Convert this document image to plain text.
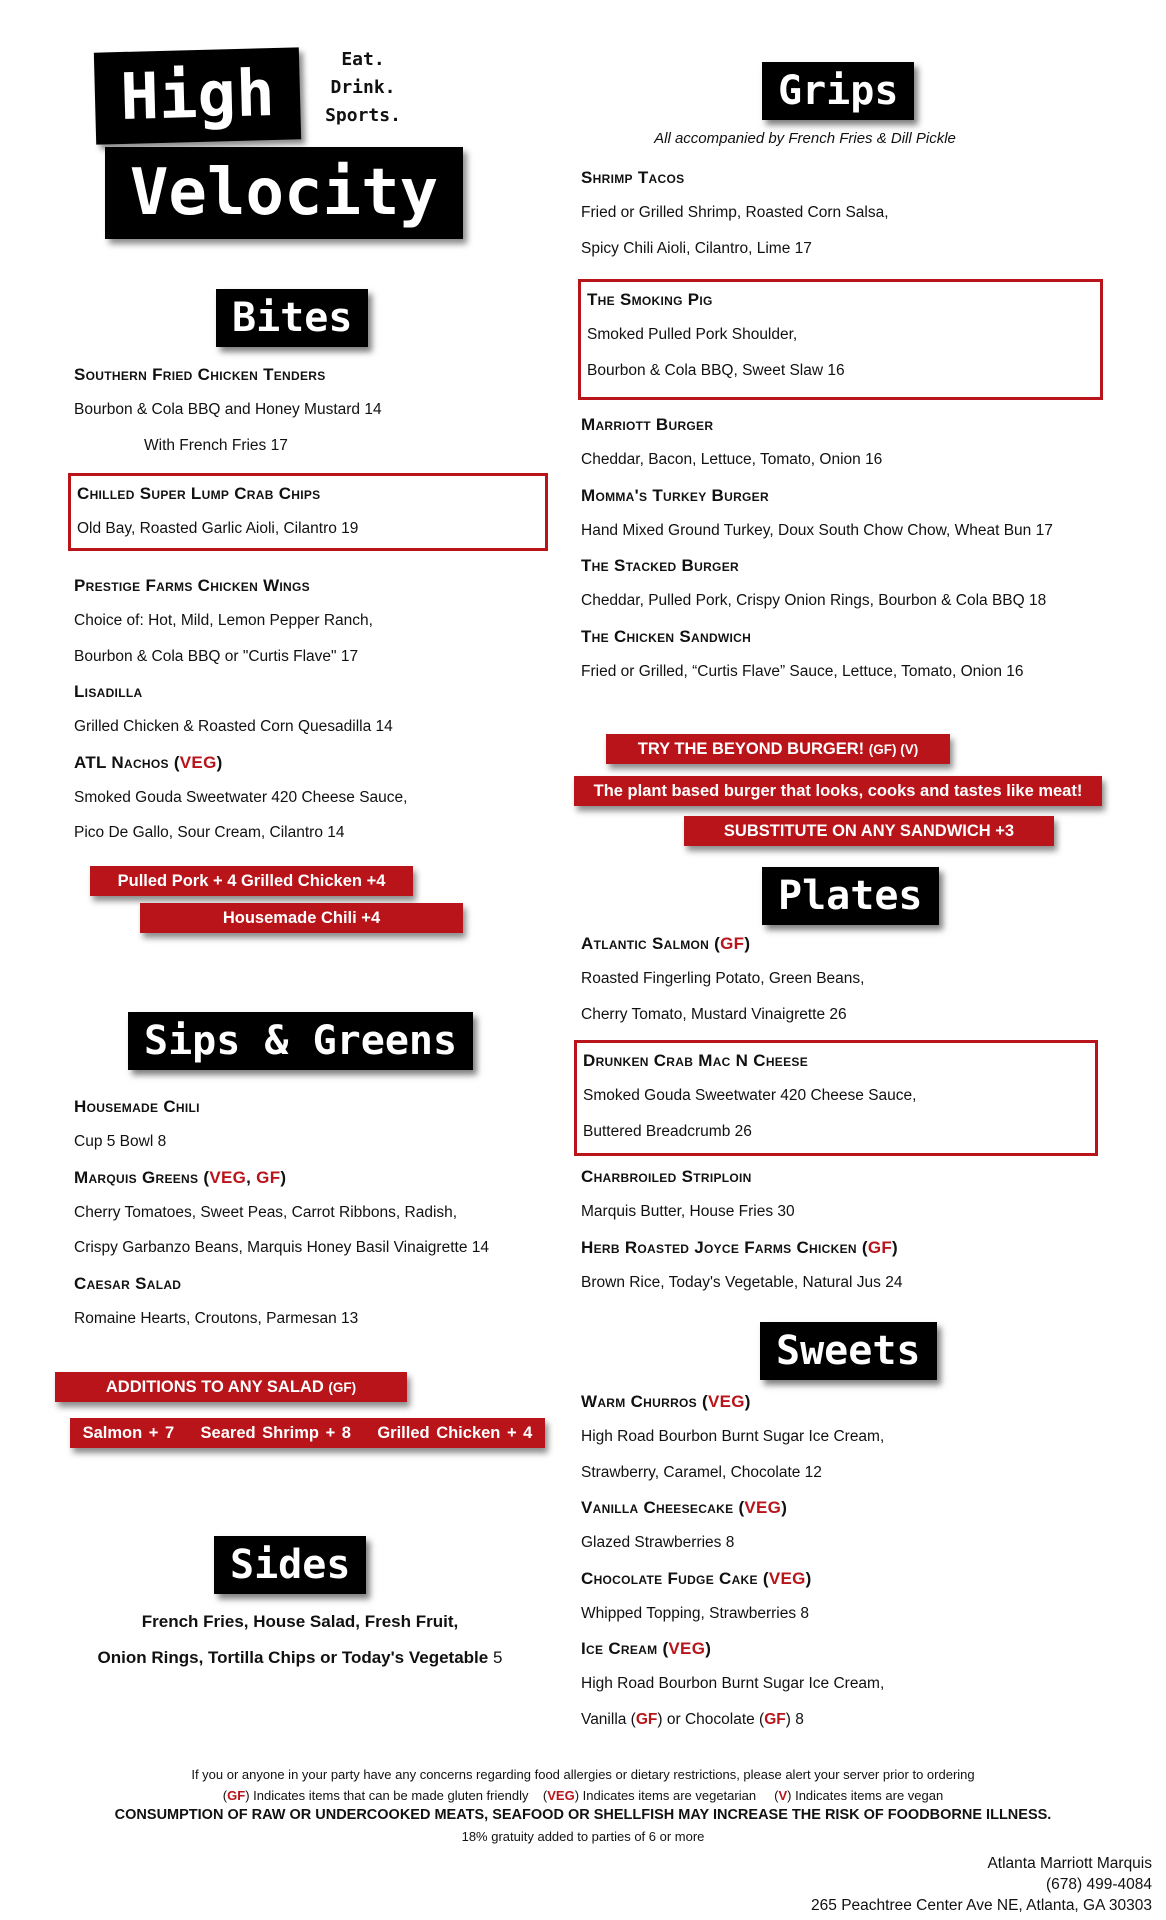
High
Velocity
Eat.
Drink.
Sports.
Bites
Southern Fried Chicken Tenders
Bourbon & Cola BBQ and Honey Mustard 14
With French Fries 17
Chilled Super Lump Crab Chips
Old Bay, Roasted Garlic Aioli, Cilantro 19
Prestige Farms Chicken Wings
Choice of: Hot, Mild, Lemon Pepper Ranch,
Bourbon & Cola BBQ or "Curtis Flave" 17
Lisadilla
Grilled Chicken & Roasted Corn Quesadilla 14
ATL Nachos (VEG)
Smoked Gouda Sweetwater 420 Cheese Sauce,
Pico De Gallo, Sour Cream, Cilantro 14
Pulled Pork + 4 Grilled Chicken +4
Housemade Chili +4
Sips & Greens
Housemade Chili
Cup 5 Bowl 8
Marquis Greens (VEG, GF)
Cherry Tomatoes, Sweet Peas, Carrot Ribbons, Radish,
Crispy Garbanzo Beans, Marquis Honey Basil Vinaigrette 14
Caesar Salad
Romaine Hearts, Croutons, Parmesan 13
ADDITIONS TO ANY SALAD (GF)
Salmon + 7 Seared Shrimp + 8 Grilled Chicken + 4
Sides
French Fries, House Salad, Fresh Fruit,
Onion Rings, Tortilla Chips or Today's Vegetable 5
Grips
All accompanied by French Fries & Dill Pickle
Shrimp Tacos
Fried or Grilled Shrimp, Roasted Corn Salsa,
Spicy Chili Aioli, Cilantro, Lime 17
The Smoking Pig
Smoked Pulled Pork Shoulder,
Bourbon & Cola BBQ, Sweet Slaw 16
Marriott Burger
Cheddar, Bacon, Lettuce, Tomato, Onion 16
Momma's Turkey Burger
Hand Mixed Ground Turkey, Doux South Chow Chow, Wheat Bun 17
The Stacked Burger
Cheddar, Pulled Pork, Crispy Onion Rings, Bourbon & Cola BBQ 18
The Chicken Sandwich
Fried or Grilled, “Curtis Flave” Sauce, Lettuce, Tomato, Onion 16
TRY THE BEYOND BURGER! (GF) (V)
The plant based burger that looks, cooks and tastes like meat!
SUBSTITUTE ON ANY SANDWICH +3
Plates
Atlantic Salmon (GF)
Roasted Fingerling Potato, Green Beans,
Cherry Tomato, Mustard Vinaigrette 26
Drunken Crab Mac N Cheese
Smoked Gouda Sweetwater 420 Cheese Sauce,
Buttered Breadcrumb 26
Charbroiled Striploin
Marquis Butter, House Fries 30
Herb Roasted Joyce Farms Chicken (GF)
Brown Rice, Today's Vegetable, Natural Jus 24
Sweets
Warm Churros (VEG)
High Road Bourbon Burnt Sugar Ice Cream,
Strawberry, Caramel, Chocolate 12
Vanilla Cheesecake (VEG)
Glazed Strawberries 8
Chocolate Fudge Cake (VEG)
Whipped Topping, Strawberries 8
Ice Cream (VEG)
High Road Bourbon Burnt Sugar Ice Cream,
Vanilla (GF) or Chocolate (GF) 8
If you or anyone in your party have any concerns regarding food allergies or dietary restrictions, please alert your server prior to ordering
(GF) Indicates items that can be made gluten friendly    (VEG) Indicates items are vegetarian     (V) Indicates items are vegan
CONSUMPTION OF RAW OR UNDERCOOKED MEATS, SEAFOOD OR SHELLFISH MAY INCREASE THE RISK OF FOODBORNE ILLNESS.
18% gratuity added to parties of 6 or more
Atlanta Marriott Marquis
(678) 499-4084
265 Peachtree Center Ave NE, Atlanta, GA 30303
